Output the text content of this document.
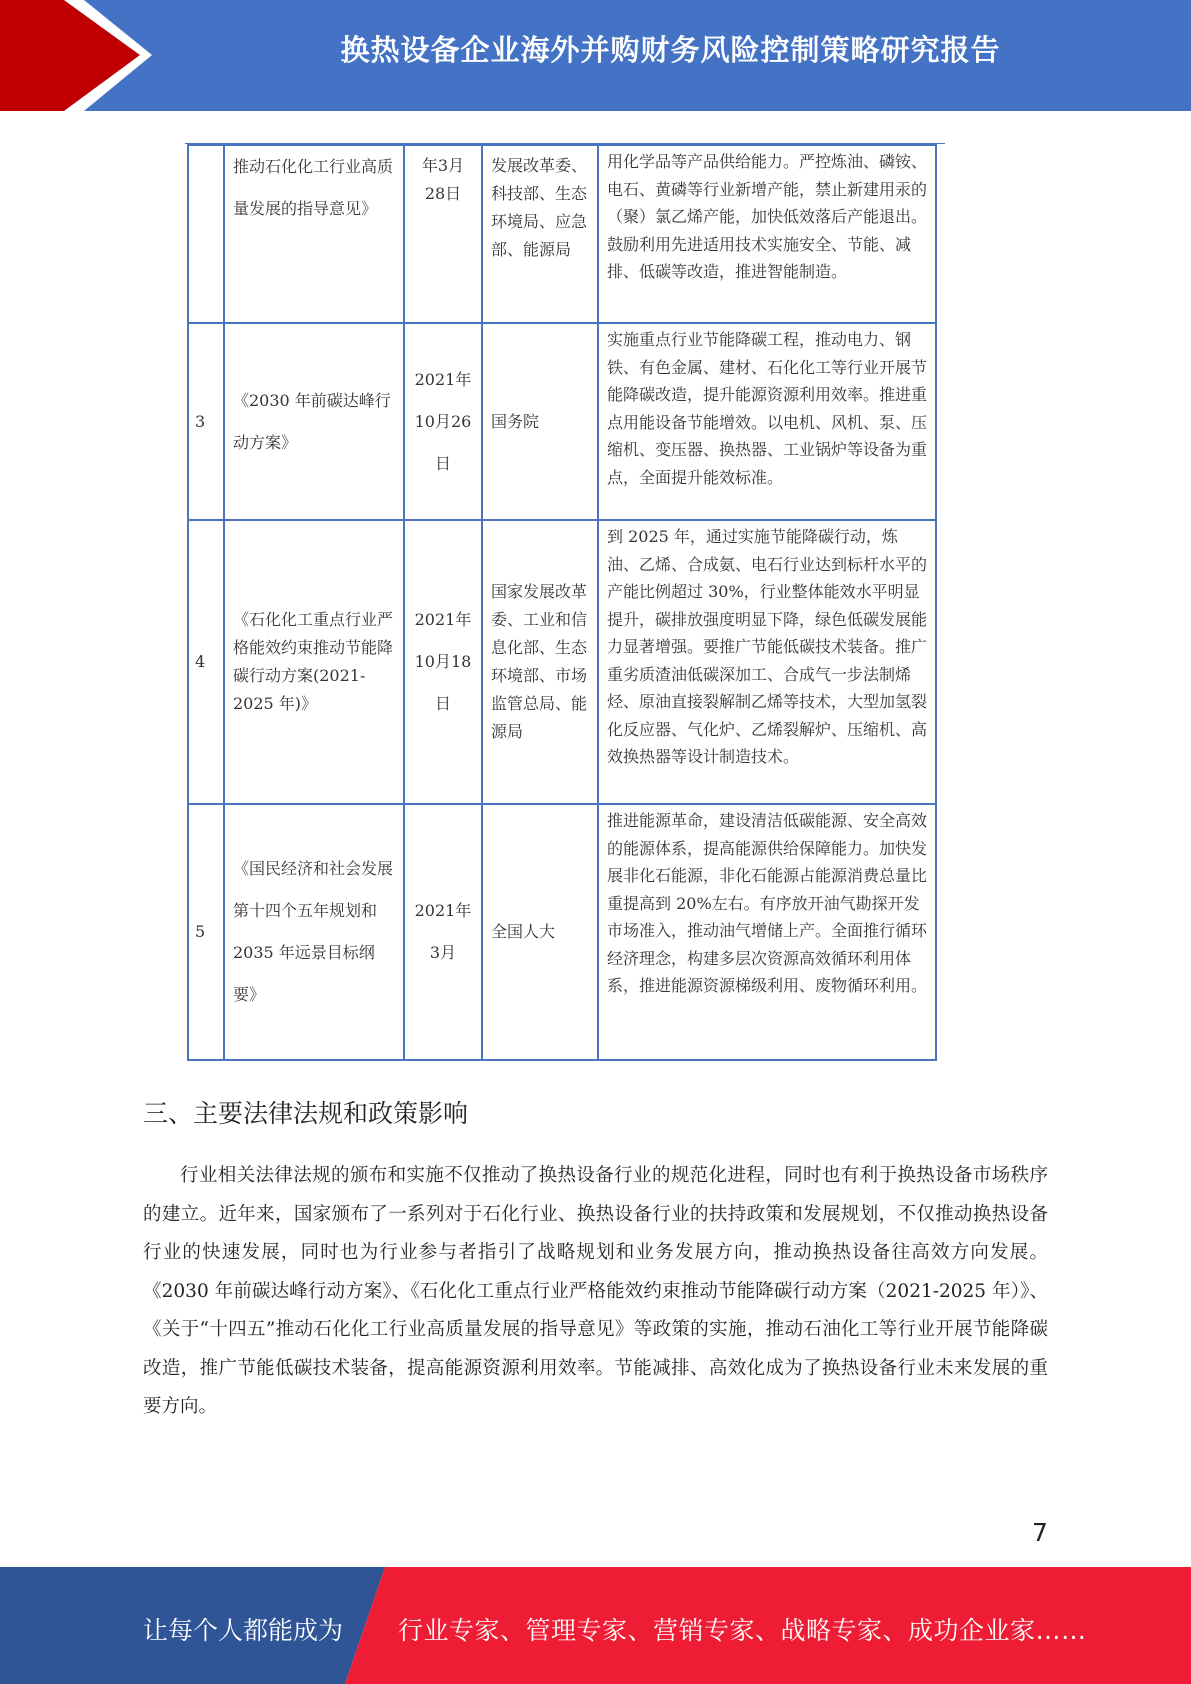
换热设备企业海外并购财务风险控制策略研究报告
	推动石化化工行业高质量发展的指导意见》	年3月28日	发展改革委、科技部、生态环境局、应急部、能源局	用化学品等产品供给能力。严控炼油、磷铵、电石、黄磷等行业新增产能，禁止新建用汞的（聚）氯乙烯产能，加快低效落后产能退出。鼓励利用先进适用技术实施安全、节能、减排、低碳等改造，推进智能制造。
3	《2030 年前碳达峰行动方案》	2021年10月26日	国务院	实施重点行业节能降碳工程，推动电力、钢铁、有色金属、建材、石化化工等行业开展节能降碳改造，提升能源资源利用效率。推进重点用能设备节能增效。以电机、风机、泵、压缩机、变压器、换热器、工业锅炉等设备为重点，全面提升能效标准。
4	《石化化工重点行业严格能效约束推动节能降碳行动方案(2021-2025 年)》	2021年10月18日	国家发展改革委、工业和信息化部、生态环境部、市场监管总局、能源局	到 2025 年，通过实施节能降碳行动，炼油、乙烯、合成氨、电石行业达到标杆水平的产能比例超过 30%，行业整体能效水平明显提升，碳排放强度明显下降，绿色低碳发展能力显著增强。要推广节能低碳技术装备。推广重劣质渣油低碳深加工、合成气一步法制烯烃、原油直接裂解制乙烯等技术，大型加氢裂化反应器、气化炉、乙烯裂解炉、压缩机、高效换热器等设计制造技术。
5	《国民经济和社会发展第十四个五年规划和 2035 年远景目标纲要》	2021年3月	全国人大	推进能源革命，建设清洁低碳能源、安全高效的能源体系，提高能源供给保障能力。加快发展非化石能源，非化石能源占能源消费总量比重提高到 20%左右。有序放开油气勘探开发市场准入，推动油气增储上产。全面推行循环经济理念，构建多层次资源高效循环利用体系，推进能源资源梯级利用、废物循环利用。
三、主要法律法规和政策影响
行业相关法律法规的颁布和实施不仅推动了换热设备行业的规范化进程，同时也有利于换热设备市场秩序的建立。近年来，国家颁布了一系列对于石化行业、换热设备行业的扶持政策和发展规划，不仅推动换热设备行业的快速发展，同时也为行业参与者指引了战略规划和业务发展方向，推动换热设备往高效方向发展。《2030 年前碳达峰行动方案》、《石化化工重点行业严格能效约束推动节能降碳行动方案（2021-2025 年）》、《关于“十四五”推动石化化工行业高质量发展的指导意见》等政策的实施，推动石油化工等行业开展节能降碳改造，推广节能低碳技术装备，提高能源资源利用效率。节能减排、高效化成为了换热设备行业未来发展的重要方向。
7
让每个人都能成为 行业专家、管理专家、营销专家、战略专家、成功企业家……
